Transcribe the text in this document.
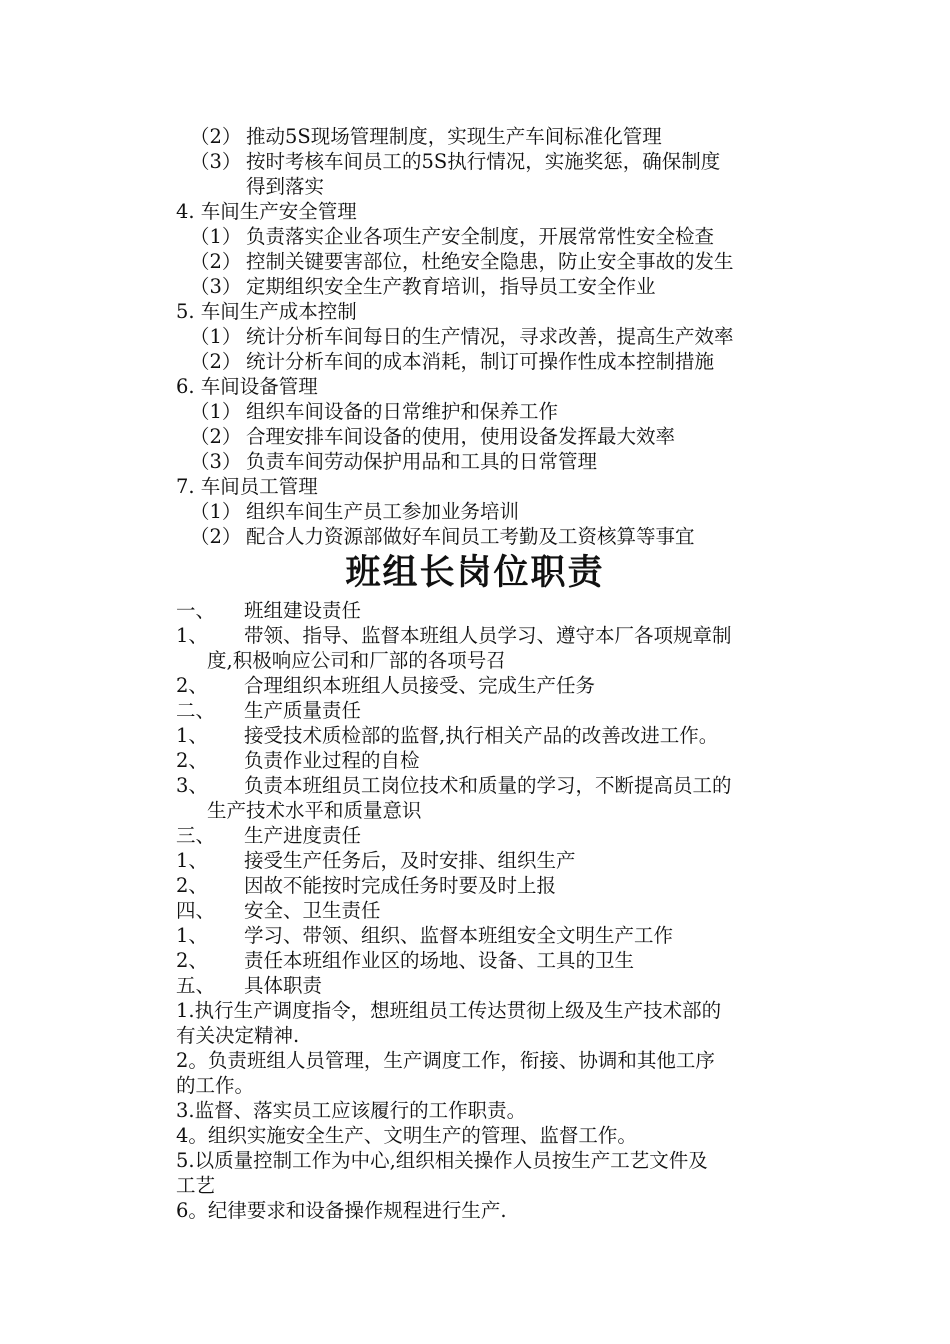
（2） 推动5S现场管理制度，实现生产车间标准化管理
（3） 按时考核车间员工的5S执行情况，实施奖惩，确保制度
得到落实
4. 车间生产安全管理
（1） 负责落实企业各项生产安全制度，开展常常性安全检查
（2） 控制关键要害部位，杜绝安全隐患，防止安全事故的发生
（3） 定期组织安全生产教育培训，指导员工安全作业
5. 车间生产成本控制
（1） 统计分析车间每日的生产情况，寻求改善，提高生产效率
（2） 统计分析车间的成本消耗，制订可操作性成本控制措施
6. 车间设备管理
（1） 组织车间设备的日常维护和保养工作
（2） 合理安排车间设备的使用，使用设备发挥最大效率
（3） 负责车间劳动保护用品和工具的日常管理
7. 车间员工管理
（1） 组织车间生产员工参加业务培训
（2） 配合人力资源部做好车间员工考勤及工资核算等事宜
班组长岗位职责
一、 班组建设责任
1、 带领、指导、监督本班组人员学习、遵守本厂各项规章制
度,积极响应公司和厂部的各项号召
2、 合理组织本班组人员接受、完成生产任务
二、 生产质量责任
1、 接受技术质检部的监督,执行相关产品的改善改进工作。
2、 负责作业过程的自检
3、 负责本班组员工岗位技术和质量的学习，不断提高员工的
生产技术水平和质量意识
三、 生产进度责任
1、 接受生产任务后，及时安排、组织生产
2、 因故不能按时完成任务时要及时上报
四、 安全、卫生责任
1、 学习、带领、组织、监督本班组安全文明生产工作
2、 责任本班组作业区的场地、设备、工具的卫生
五、 具体职责
1.执行生产调度指令，想班组员工传达贯彻上级及生产技术部的
有关决定精神.
2。负责班组人员管理，生产调度工作，衔接、协调和其他工序
的工作。
3.监督、落实员工应该履行的工作职责。
4。组织实施安全生产、文明生产的管理、监督工作。
5.以质量控制工作为中心,组织相关操作人员按生产工艺文件及
工艺
6。纪律要求和设备操作规程进行生产.
